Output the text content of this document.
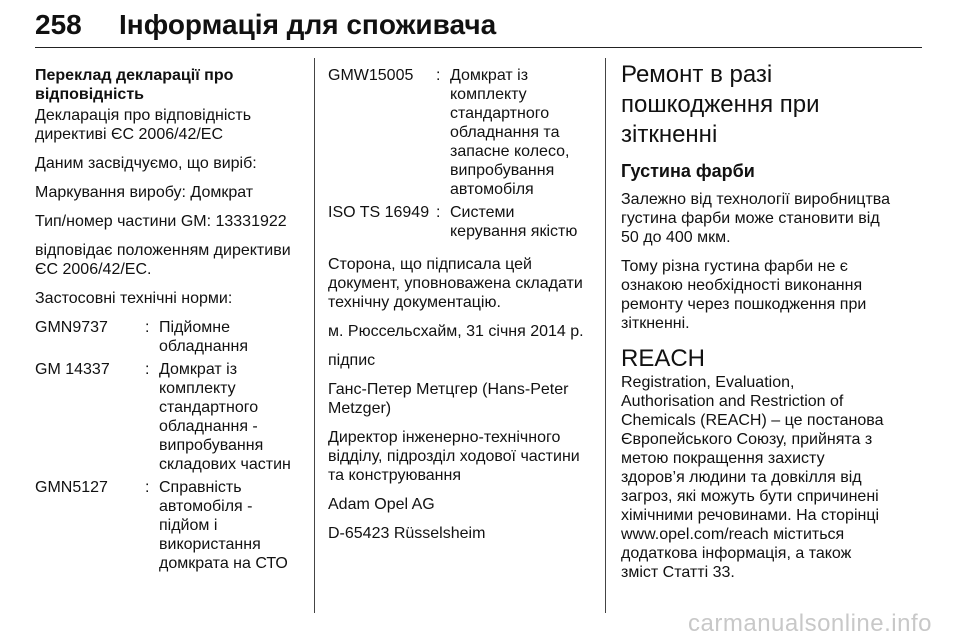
258 Інформація для споживача

Переклад декларації про відповідність

Декларація про відповідність директиві ЄС 2006/42/ЕС

Даним засвідчуємо, що виріб:

Маркування виробу: Домкрат

Тип/номер частини GM: 13331922

відповідає положенням директиви ЄС 2006/42/ЕС.

Застосовні технічні норми:

GMN9737	: Підйомне обладнання
GM 14337	: Домкрат із комплекту стандартного обладнання - випробування складових частин
GMN5127	: Справність автомобіля - підйом і використання домкрата на СТО
GMW15005	: Домкрат із комплекту стандартного обладнання та запасне колесо, випробування автомобіля
ISO TS 16949 : Системи керування якістю

Сторона, що підписала цей документ, уповноважена складати технічну документацію.

м. Рюссельсхайм, 31 січня 2014 р.

підпис

Ганс-Петер Метцгер (Hans-Peter Metzger)

Директор інженерно-технічного відділу, підрозділ ходової частини та конструювання

Adam Opel AG

D-65423 Rüsselsheim

Ремонт в разі пошкодження при зіткненні
Густина фарби

Залежно від технології виробництва густина фарби може становити від 50 до 400 мкм.

Тому різна густина фарби не є ознакою необхідності виконання ремонту через пошкодження при зіткненні.

REACH

Registration, Evaluation, Authorisation and Restriction of Chemicals (REACH) – це постанова Європейського Союзу, прийнята з метою покращення захисту здоров’я людини та довкілля від загроз, які можуть бути спричинені хімічними речовинами. На сторінці www.opel.com/reach міститься додаткова інформація, а також зміст Статті 33.

carmanualsonline.info
